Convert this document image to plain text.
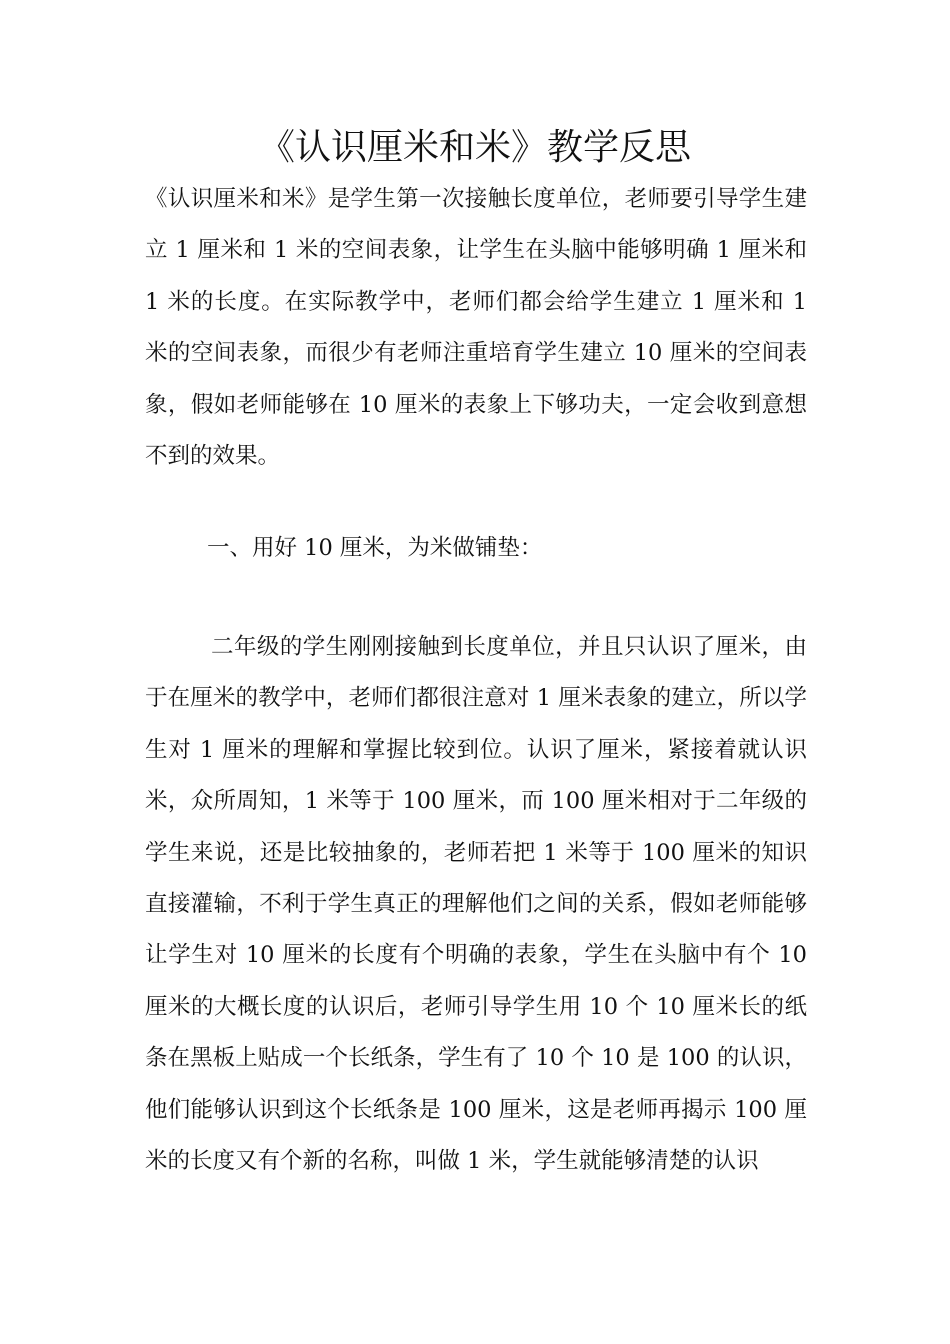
《认识厘米和米》教学反思

《认识厘米和米》是学生第一次接触长度单位，老师要引导学生建立 1 厘米和 1 米的空间表象，让学生在头脑中能够明确 1 厘米和 1 米的长度。在实际教学中，老师们都会给学生建立 1 厘米和 1 米的空间表象，而很少有老师注重培育学生建立 10 厘米的空间表象，假如老师能够在 10 厘米的表象上下够功夫，一定会收到意想不到的效果。

一、用好 10 厘米，为米做铺垫：

二年级的学生刚刚接触到长度单位，并且只认识了厘米，由于在厘米的教学中，老师们都很注意对 1 厘米表象的建立，所以学生对 1 厘米的理解和掌握比较到位。认识了厘米，紧接着就认识米，众所周知，1 米等于 100 厘米，而 100 厘米相对于二年级的学生来说，还是比较抽象的，老师若把 1 米等于 100 厘米的知识直接灌输，不利于学生真正的理解他们之间的关系，假如老师能够让学生对 10 厘米的长度有个明确的表象，学生在头脑中有个 10 厘米的大概长度的认识后，老师引导学生用 10 个 10 厘米长的纸条在黑板上贴成一个长纸条，学生有了 10 个 10 是 100 的认识，他们能够认识到这个长纸条是 100 厘米，这是老师再揭示 100 厘米的长度又有个新的名称，叫做 1 米，学生就能够清楚的认识
